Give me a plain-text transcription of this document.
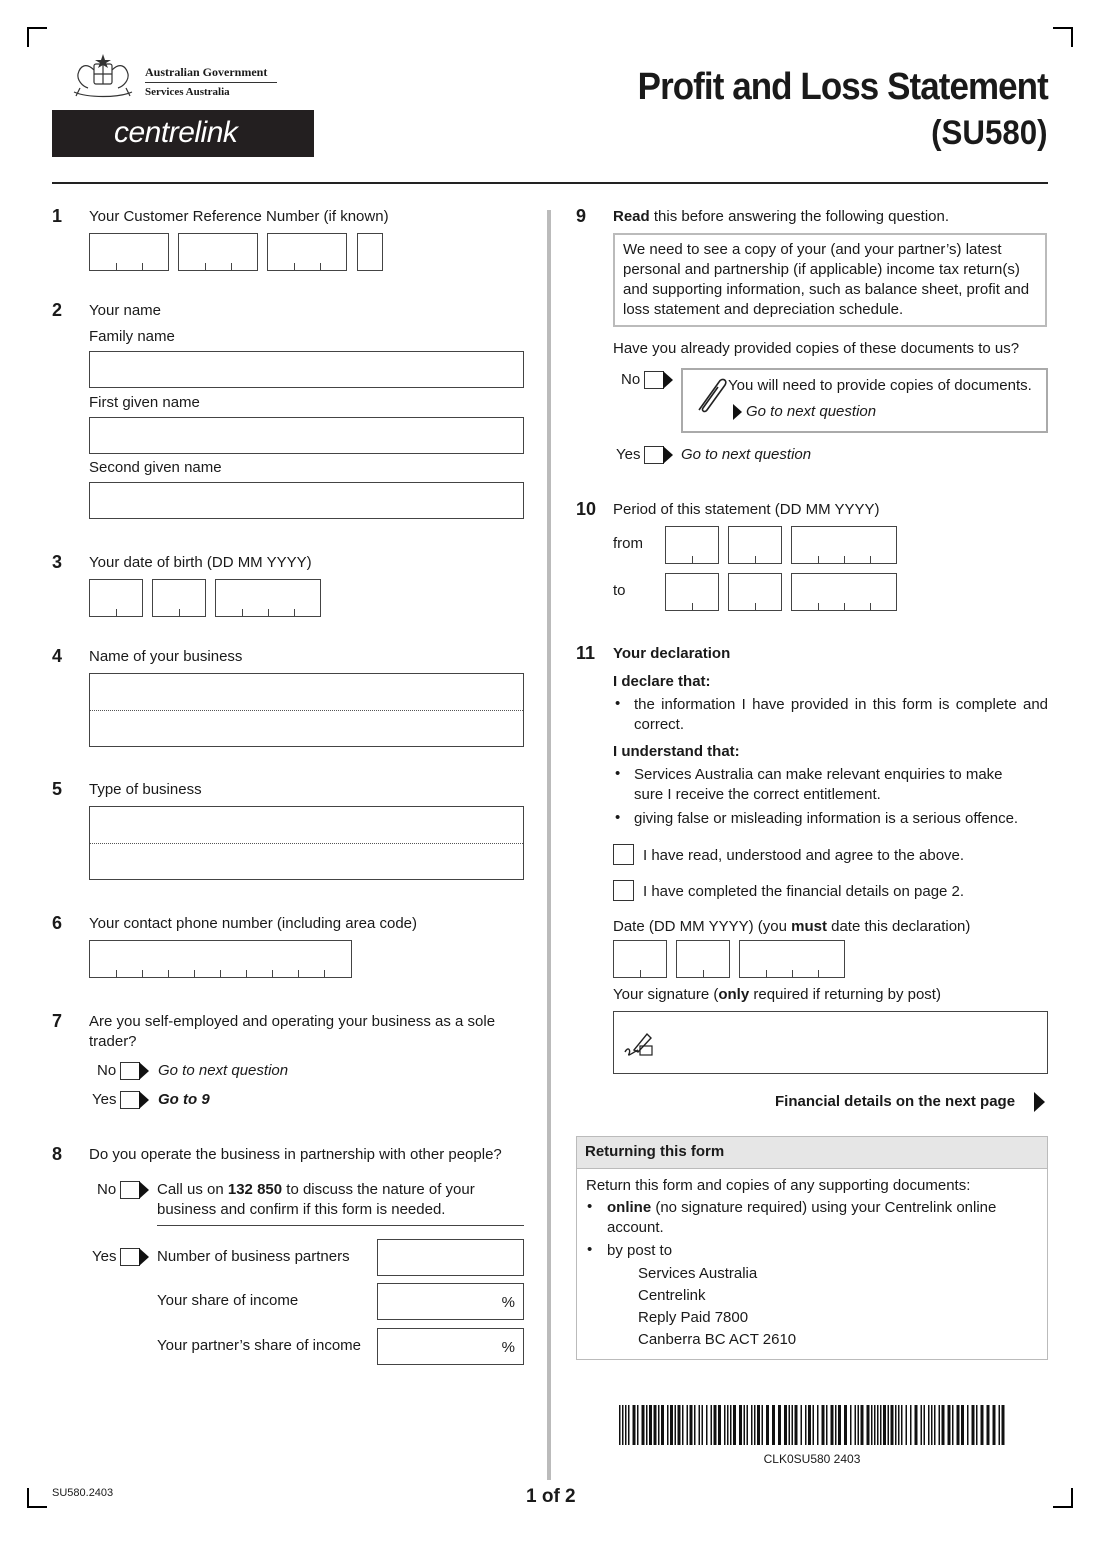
Australian Government
Services Australia
centrelink
Profit and Loss Statement
(SU580)
1 Your Customer Reference Number (if known)
2 Your name
Family name
First given name
Second given name
3 Your date of birth (DD MM YYYY)
4 Name of your business
5 Type of business
6 Your contact phone number (including area code)
7 Are you self-employed and operating your business as a sole trader?
No	Go to next question
Yes	Go to 9
8 Do you operate the business in partnership with other people?
No	Call us on 132 850 to discuss the nature of your business and confirm if this form is needed.
Yes	Number of business partners
Your share of income	%
Your partner’s share of income	%
9 Read this before answering the following question.
We need to see a copy of your (and your partner’s) latest personal and partnership (if applicable) income tax return(s) and supporting information, such as balance sheet, profit and loss statement and depreciation schedule.
Have you already provided copies of these documents to us?
No	You will need to provide copies of documents.
Go to next question
Yes	Go to next question
10 Period of this statement (DD MM YYYY)
from
to
11 Your declaration
I declare that:
• the information I have provided in this form is complete and correct.
I understand that:
• Services Australia can make relevant enquiries to make sure I receive the correct entitlement.
• giving false or misleading information is a serious offence.
I have read, understood and agree to the above.
I have completed the financial details on page 2.
Date (DD MM YYYY) (you must date this declaration)
Your signature (only required if returning by post)
Financial details on the next page
Returning this form
Return this form and copies of any supporting documents:
• online (no signature required) using your Centrelink online account.
• by post to
Services Australia
Centrelink
Reply Paid 7800
Canberra BC ACT 2610
CLK0SU580 2403
SU580.2403	1 of 2
